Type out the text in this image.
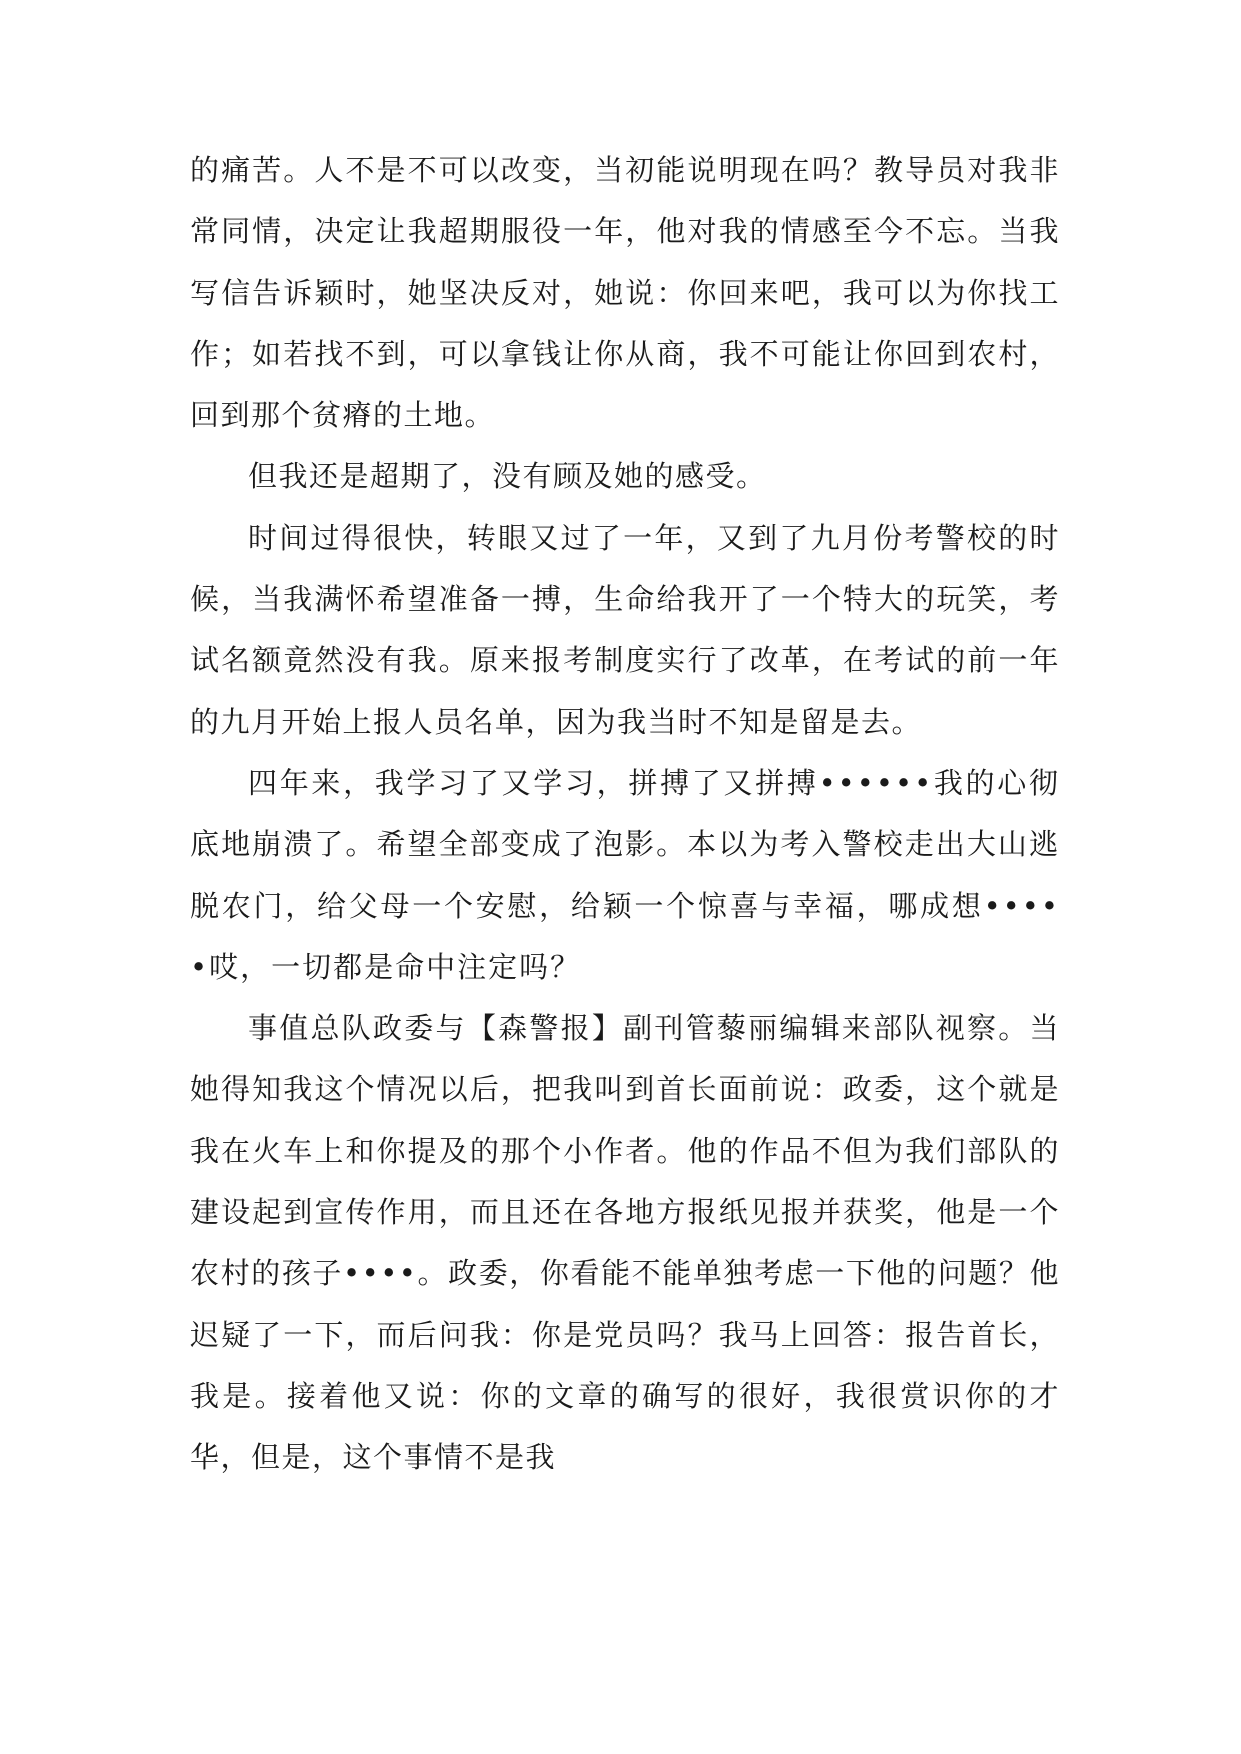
的痛苦。人不是不可以改变，当初能说明现在吗？教导员对我非常同情，决定让我超期服役一年，他对我的情感至今不忘。当我写信告诉颖时，她坚决反对，她说：你回来吧，我可以为你找工作；如若找不到，可以拿钱让你从商，我不可能让你回到农村，回到那个贫瘠的土地。

但我还是超期了，没有顾及她的感受。

时间过得很快，转眼又过了一年，又到了九月份考警校的时候，当我满怀希望准备一搏，生命给我开了一个特大的玩笑，考试名额竟然没有我。原来报考制度实行了改革，在考试的前一年的九月开始上报人员名单，因为我当时不知是留是去。

四年来，我学习了又学习，拼搏了又拼搏••••••我的心彻底地崩溃了。希望全部变成了泡影。本以为考入警校走出大山逃脱农门，给父母一个安慰，给颖一个惊喜与幸福，哪成想•••••哎，一切都是命中注定吗？

事值总队政委与【森警报】副刊管藜丽编辑来部队视察。当她得知我这个情况以后，把我叫到首长面前说：政委，这个就是我在火车上和你提及的那个小作者。他的作品不但为我们部队的建设起到宣传作用，而且还在各地方报纸见报并获奖，他是一个农村的孩子••••。政委，你看能不能单独考虑一下他的问题？他迟疑了一下，而后问我：你是党员吗？我马上回答：报告首长，我是。接着他又说：你的文章的确写的很好，我很赏识你的才华，但是，这个事情不是我
